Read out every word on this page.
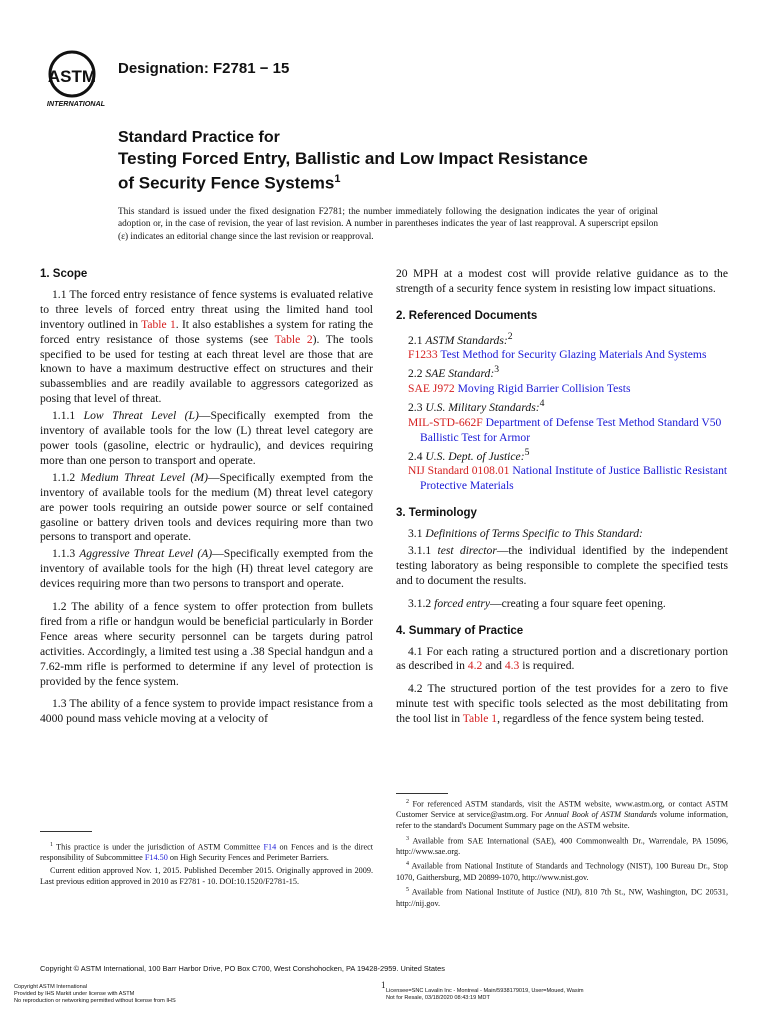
ASTM
INTERNATIONAL
Designation: F2781 − 15
Standard Practice for
Testing Forced Entry, Ballistic and Low Impact Resistance
of Security Fence Systems$^1$
This standard is issued under the fixed designation F2781; the number immediately following the designation indicates the year of original adoption or, in the case of revision, the year of last revision. A number in parentheses indicates the year of last reapproval. A superscript epsilon (ε) indicates an editorial change since the last revision or reapproval.
1. Scope

1.1 The forced entry resistance of fence systems is evaluated relative to three levels of forced entry threat using the limited hand tool inventory outlined in Table 1. It also establishes a system for rating the forced entry resistance of those systems (see Table 2). The tools specified to be used for testing at each threat level are those that are known to have a maximum destructive effect on structures and their subassemblies and are readily available to aggressors categorized as posing that level of threat.

1.1.1 Low Threat Level (L)—Specifically exempted from the inventory of available tools for the low (L) threat level category are power tools (gasoline, electric or hydraulic), and devices requiring more than one person to transport and operate.

1.1.2 Medium Threat Level (M)—Specifically exempted from the inventory of available tools for the medium (M) threat level category are power tools requiring an outside power source or self contained gasoline or battery driven tools and devices requiring more than two persons to transport and operate.

1.1.3 Aggressive Threat Level (A)—Specifically exempted from the inventory of available tools for the high (H) threat level category are devices requiring more than two persons to transport and operate.

1.2 The ability of a fence system to offer protection from bullets fired from a rifle or handgun would be beneficial particularly in Border Fence areas where security personnel can be targets during patrol activities. Accordingly, a limited test using a .38 Special handgun and a 7.62-mm rifle is performed to determine if any level of protection is provided by the fence system.

1.3 The ability of a fence system to provide impact resistance from a 4000 pound mass vehicle moving at a velocity of

20 MPH at a modest cost will provide relative guidance as to the strength of a security fence system in resisting low impact situations.

2. Referenced Documents
2.1 ASTM Standards:$^2$
F1233 Test Method for Security Glazing Materials And Systems
2.2 SAE Standard:$^3$
SAE J972 Moving Rigid Barrier Collision Tests
2.3 U.S. Military Standards:$^4$
MIL-STD-662F Department of Defense Test Method Standard V50 Ballistic Test for Armor
2.4 U.S. Dept. of Justice:$^5$
NIJ Standard 0108.01 National Institute of Justice Ballistic Resistant Protective Materials
3. Terminology

3.1 Definitions of Terms Specific to This Standard:

3.1.1 test director—the individual identified by the independent testing laboratory as being responsible to complete the specified tests and to document the results.

3.1.2 forced entry—creating a four square feet opening.

4. Summary of Practice

4.1 For each rating a structured portion and a discretionary portion as described in 4.2 and 4.3 is required.

4.2 The structured portion of the test provides for a zero to five minute test with specific tools selected as the most debilitating from the tool list in Table 1, regardless of the fence system being tested.

$^1$ This practice is under the jurisdiction of ASTM Committee F14 on Fences and is the direct responsibility of Subcommittee F14.50 on High Security Fences and Perimeter Barriers.

Current edition approved Nov. 1, 2015. Published December 2015. Originally approved in 2009. Last previous edition approved in 2010 as F2781 - 10. DOI:10.1520/F2781-15.

$^2$ For referenced ASTM standards, visit the ASTM website, www.astm.org, or contact ASTM Customer Service at service@astm.org. For Annual Book of ASTM Standards volume information, refer to the standard's Document Summary page on the ASTM website.

$^3$ Available from SAE International (SAE), 400 Commonwealth Dr., Warrendale, PA 15096, http://www.sae.org.

$^4$ Available from National Institute of Standards and Technology (NIST), 100 Bureau Dr., Stop 1070, Gaithersburg, MD 20899-1070, http://www.nist.gov.

$^5$ Available from National Institute of Justice (NIJ), 810 7th St., NW, Washington, DC 20531, http://nij.gov.

Copyright © ASTM International, 100 Barr Harbor Drive, PO Box C700, West Conshohocken, PA 19428-2959. United States
Copyright ASTM International
Provided by IHS Markit under license with ASTM
No reproduction or networking permitted without license from IHS
1
Licensee=SNC Lavalin Inc - Montreal - Main/5938179019, User=Moued, Wasim
Not for Resale, 03/18/2020 08:43:19 MDT
